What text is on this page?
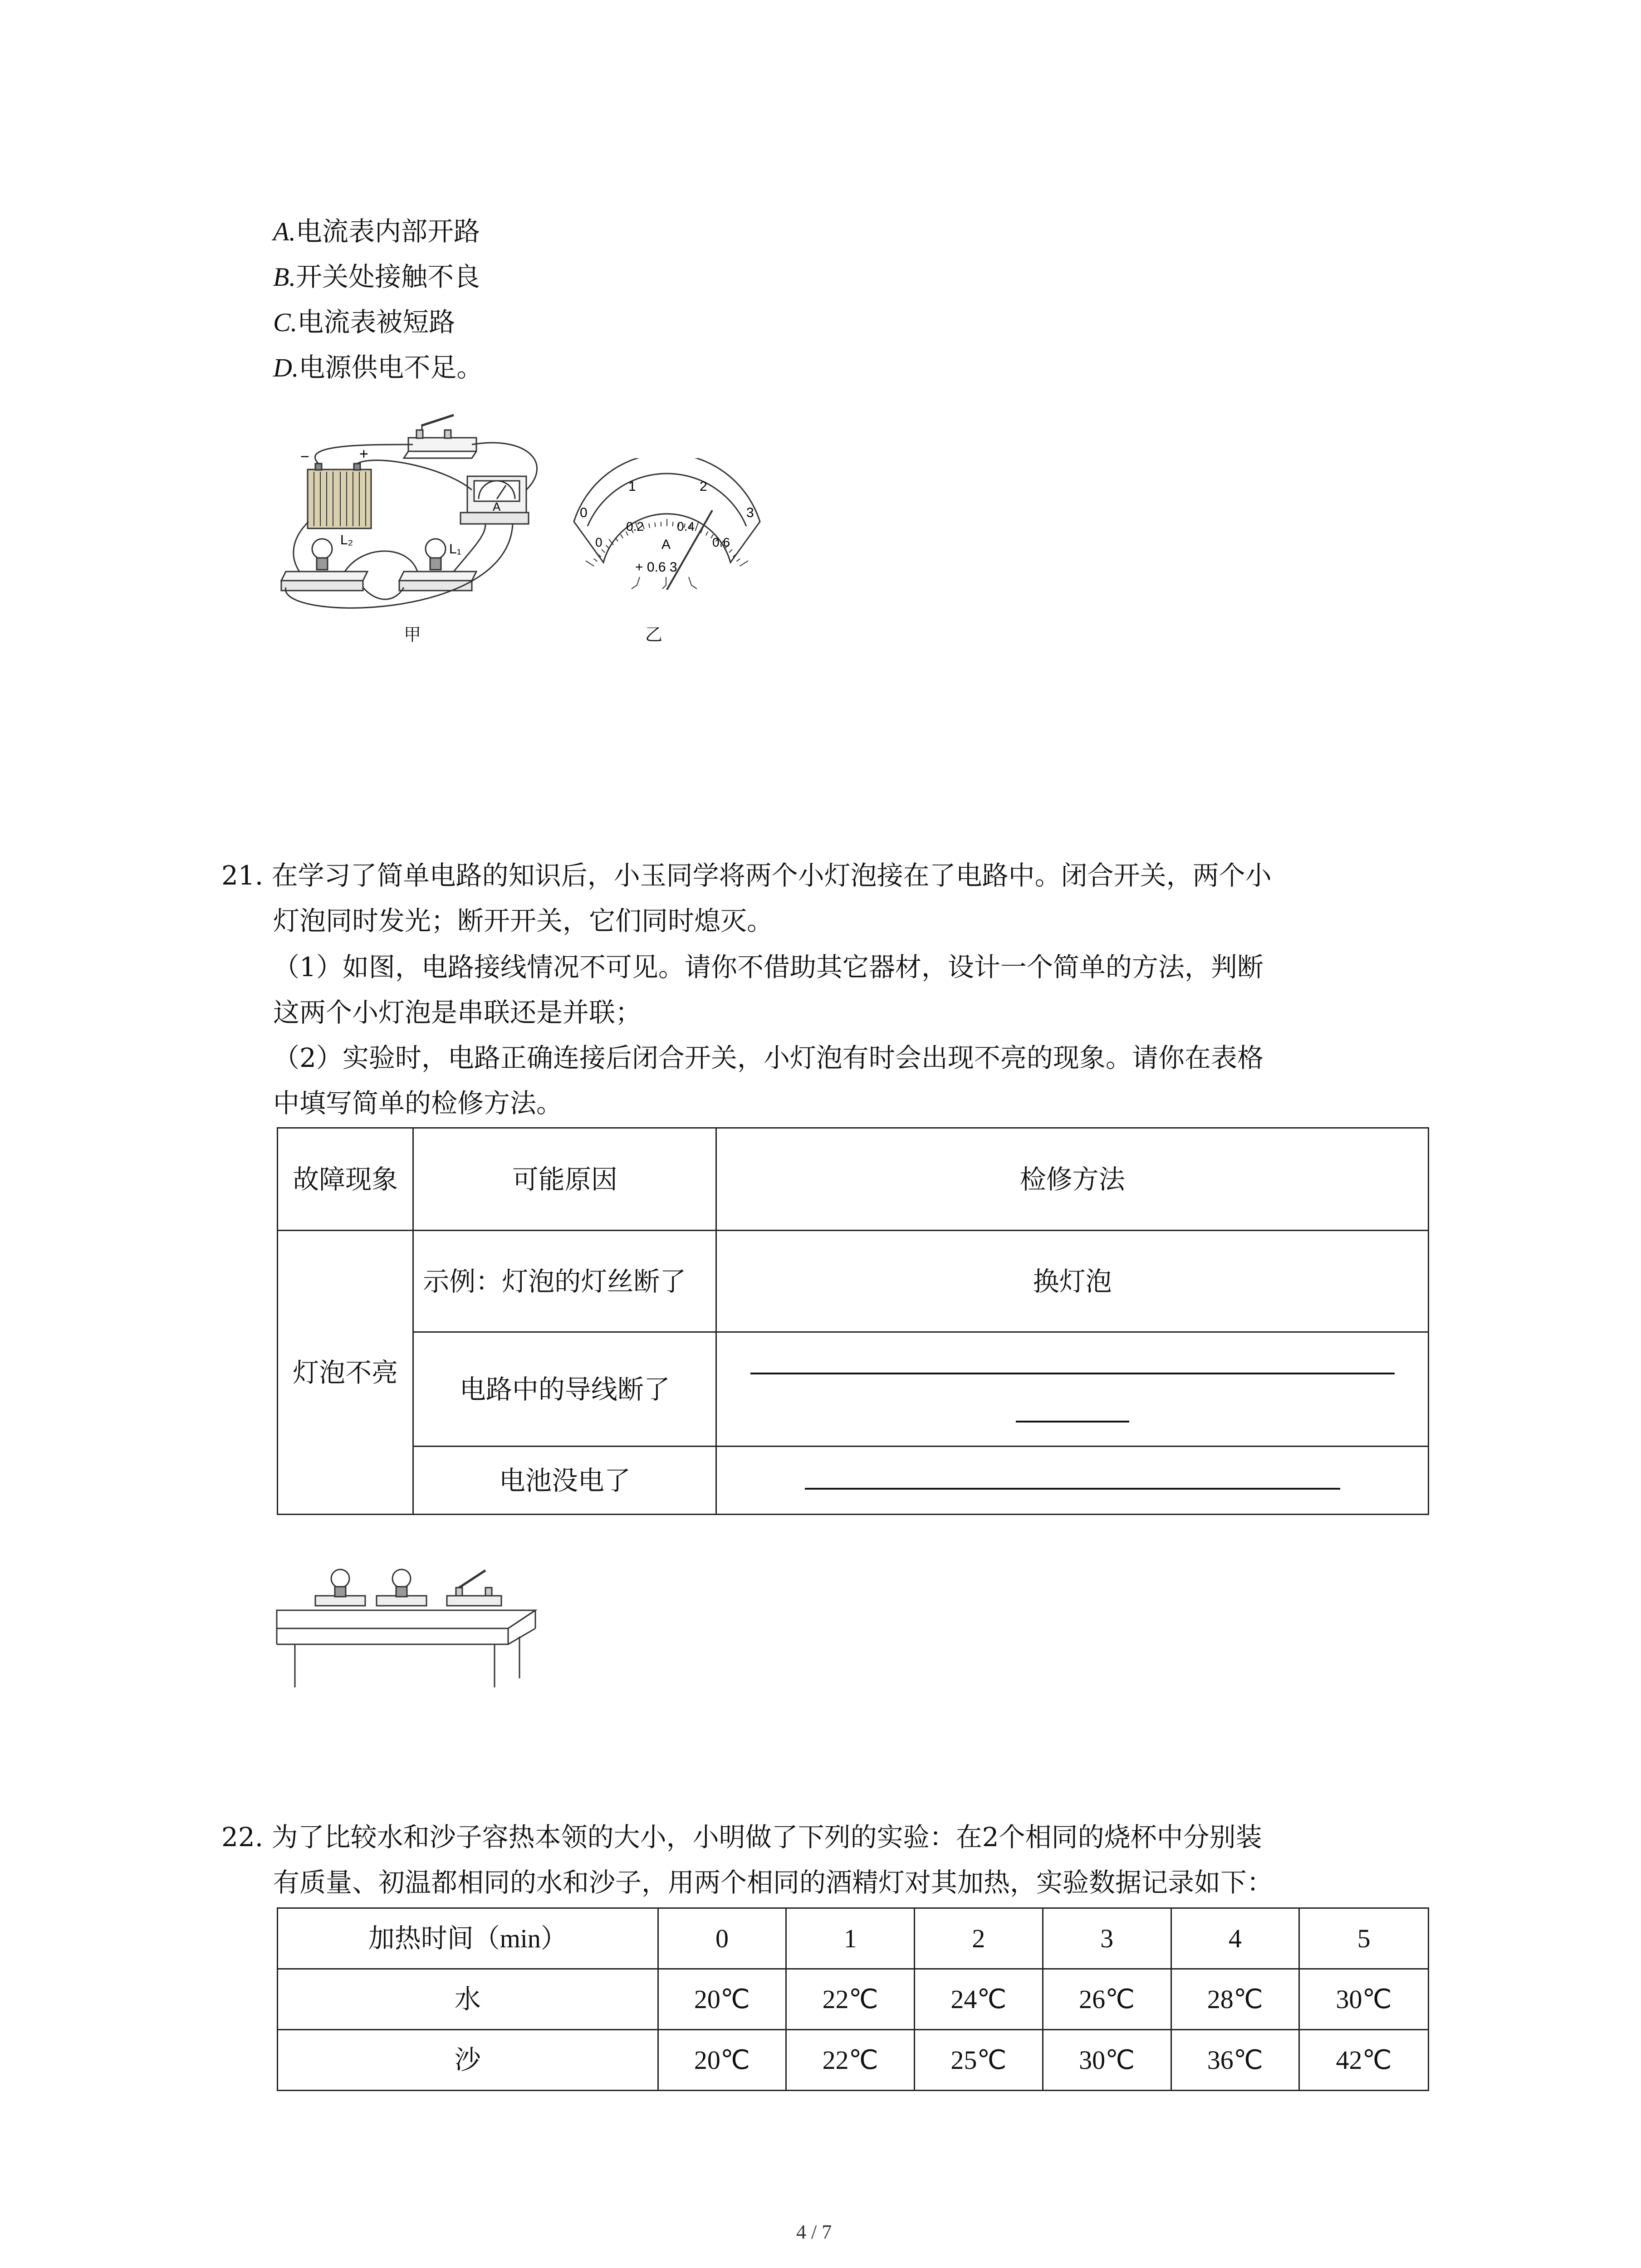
A.电流表内部开路
B.开关处接触不良
C.电流表被短路
D.电源供电不足。
−	+
L₂
L₁
A
甲
0
1	2
3
0
0.2	0.4
0.6
A
+ 0.6 3
乙
21. 在学习了简单电路的知识后，小玉同学将两个小灯泡接在了电路中。闭合开关，两个小
灯泡同时发光；断开开关，它们同时熄灭。
（1）如图，电路接线情况不可见。请你不借助其它器材，设计一个简单的方法，判断
这两个小灯泡是串联还是并联；
（2）实验时，电路正确连接后闭合开关，小灯泡有时会出现不亮的现象。请你在表格
中填写简单的检修方法。
故障现象	可能原因	检修方法
灯泡不亮	示例：灯泡的灯丝断了	换灯泡
	电路中的导线断了	

	电池没电了	
22. 为了比较水和沙子容热本领的大小，小明做了下列的实验：在2个相同的烧杯中分别装
有质量、初温都相同的水和沙子，用两个相同的酒精灯对其加热，实验数据记录如下：
加热时间（min）	0	1	2	3	4	5
水	20℃	22℃	24℃	26℃	28℃	30℃
沙	20℃	22℃	25℃	30℃	36℃	42℃
4 / 7
